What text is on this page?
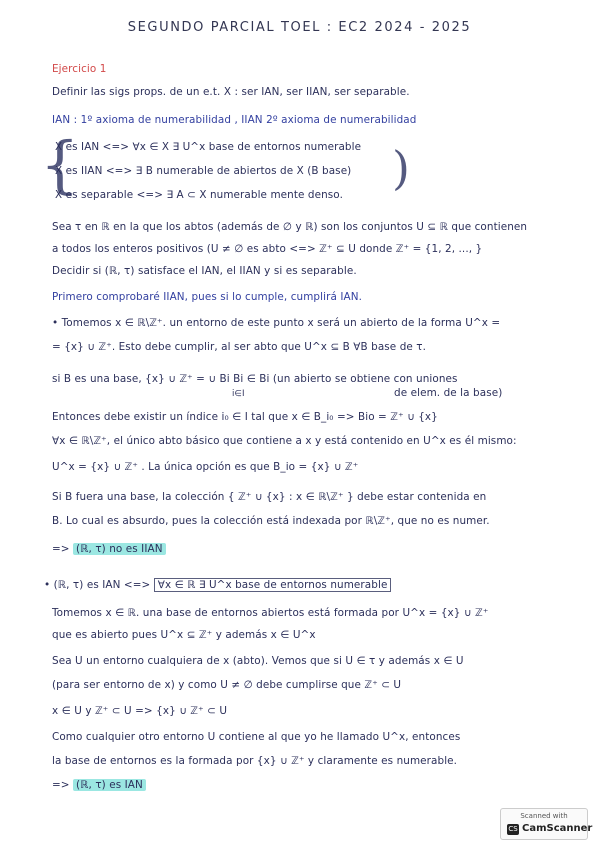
SEGUNDO PARCIAL TOEL : EC2 2024 - 2025
Ejercicio 1
Definir las sigs props. de un e.t. X : ser IAN, ser IIAN, ser separable.
IAN : 1º axioma de numerabilidad , IIAN 2º axioma de numerabilidad
{
X es IAN <=> ∀x ∈ X ∃ U^x base de entornos numerable
X es IIAN <=> ∃ B numerable de abiertos de X (B base)
X es separable <=> ∃ A ⊂ X numerable mente denso. )
Sea τ en ℝ en la que los abtos (además de ∅ y ℝ) son los conjuntos U ⊆ ℝ que contienen
a todos los enteros positivos (U ≠ ∅ es abto <=> ℤ⁺ ⊆ U donde ℤ⁺ = {1, 2, ..., }
Decidir si (ℝ, τ) satisface el IAN, el IIAN y si es separable.
Primero comprobaré IIAN, pues si lo cumple, cumplirá IAN.
• Tomemos x ∈ ℝ\ℤ⁺. un entorno de este punto x será un abierto de la forma U^x =
= {x} ∪ ℤ⁺. Esto debe cumplir, al ser abto que U^x ⊆ B ∀B base de τ.
si B es una base, {x} ∪ ℤ⁺ = ∪ Bi Bi ∈ Bi (un abierto se obtiene con uniones
i∈I	de elem. de la base)
Entonces debe existir un índice i₀ ∈ I tal que x ∈ B_i₀ => Bio = ℤ⁺ ∪ {x}
∀x ∈ ℝ\ℤ⁺, el único abto básico que contiene a x y está contenido en U^x es él mismo:
U^x = {x} ∪ ℤ⁺ . La única opción es que B_io = {x} ∪ ℤ⁺
Si B fuera una base, la colección { ℤ⁺ ∪ {x} : x ∈ ℝ\ℤ⁺ } debe estar contenida en
B. Lo cual es absurdo, pues la colección está indexada por ℝ\ℤ⁺, que no es numer.
=> (ℝ, τ) no es IIAN
• (ℝ, τ) es IAN <=> ∀x ∈ ℝ ∃ U^x base de entornos numerable
Tomemos x ∈ ℝ. una base de entornos abiertos está formada por U^x = {x} ∪ ℤ⁺
que es abierto pues U^x ⊆ ℤ⁺ y además x ∈ U^x
Sea U un entorno cualquiera de x (abto). Vemos que si U ∈ τ y además x ∈ U
(para ser entorno de x) y como U ≠ ∅ debe cumplirse que ℤ⁺ ⊂ U
x ∈ U y ℤ⁺ ⊂ U => {x} ∪ ℤ⁺ ⊂ U
Como cualquier otro entorno U contiene al que yo he llamado U^x, entonces
la base de entornos es la formada por {x} ∪ ℤ⁺ y claramente es numerable.
=> (ℝ, τ) es IAN
Scanned with
CS CamScanner
